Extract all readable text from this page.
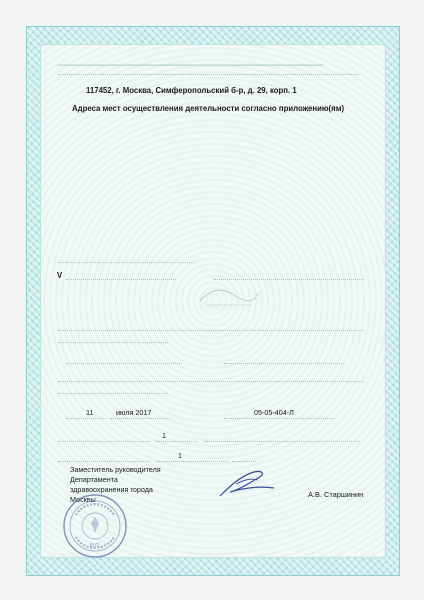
▁▁▁▁▁▁▁▁▁▁▁▁▁▁▁▁▁▁▁▁▁▁▁▁▁▁▁▁▁▁▁▁▁▁▁▁▁▁▁▁▁▁▁▁▁▁▁▁▁▁▁▁
117452, г. Москва, Симферопольский б-р, д. 29, корп. 1
Адреса мест осуществления деятельности согласно приложению(ям)
V
11	июля 2017	05-05-404-Л
1
1
Заместитель руководителя
Департамента
здравоохранения города
Москвы
А.В. Старшинин
М.П.
